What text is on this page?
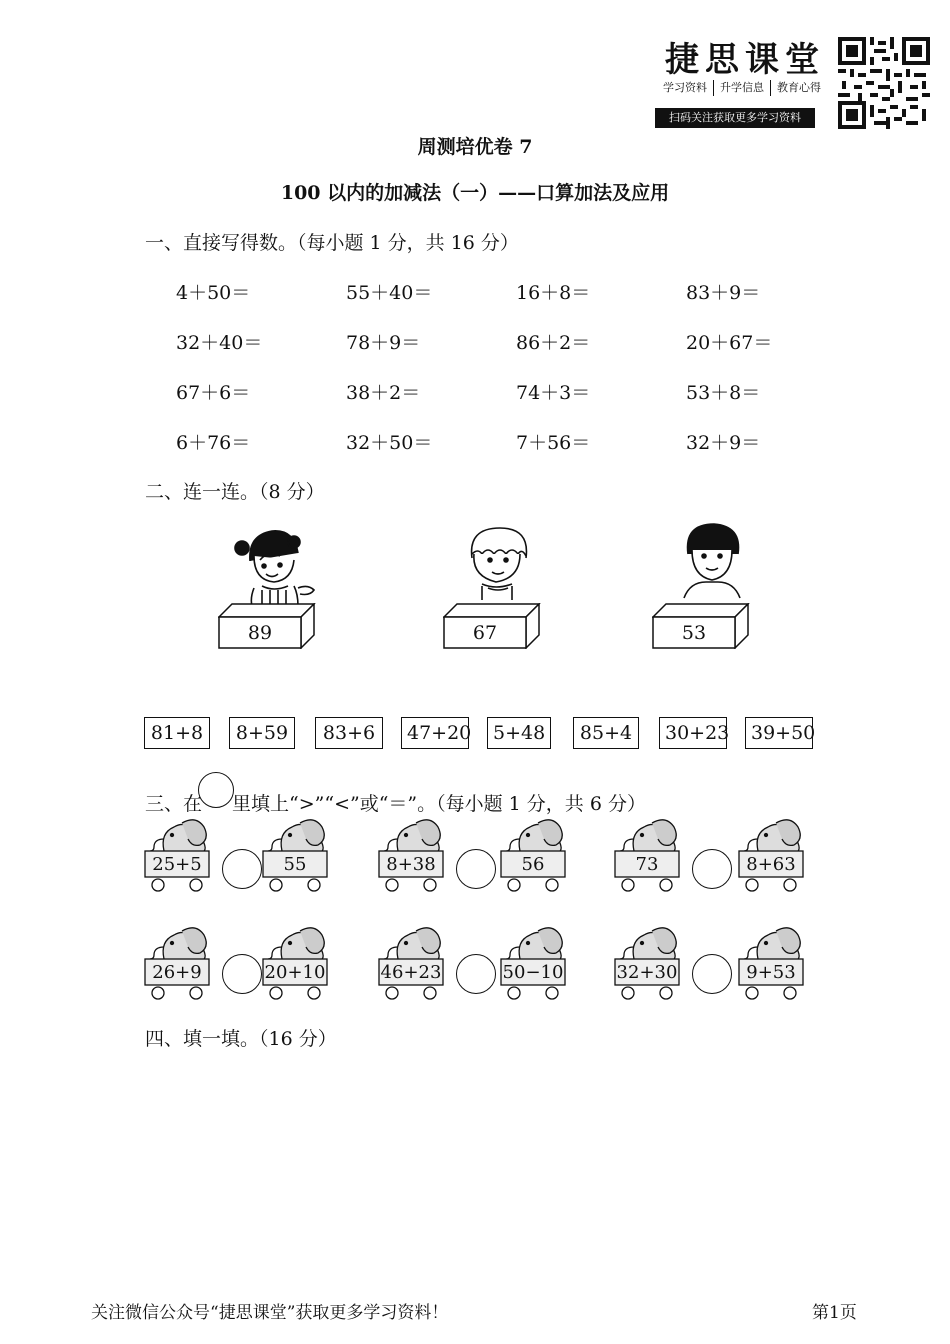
捷思课堂
学习资料	升学信息	教育心得
扫码关注获取更多学习资料
周测培优卷 7
100 以内的加减法（一）——口算加法及应用
一、直接写得数。（每小题 1 分，共 16 分）
4＋50＝	55＋40＝	16＋8＝	83＋9＝
32＋40＝	78＋9＝	86＋2＝	20＋67＝
67＋6＝	38＋2＝	74＋3＝	53＋8＝
6＋76＝	32＋50＝	7＋56＝	32＋9＝
二、连一连。（8 分）
89	67	53
81+8	8+59	83+6	47+20	5+48	85+4	30+23	39+50
三、在 里填上“>”“<”或“＝”。（每小题 1 分，共 6 分）
25+5	55	8+38	56	73	8+63
26+9	20+10	46+23	50−10	32+30	9+53
四、填一填。（16 分）
关注微信公众号“捷思课堂”获取更多学习资料！	第1页
